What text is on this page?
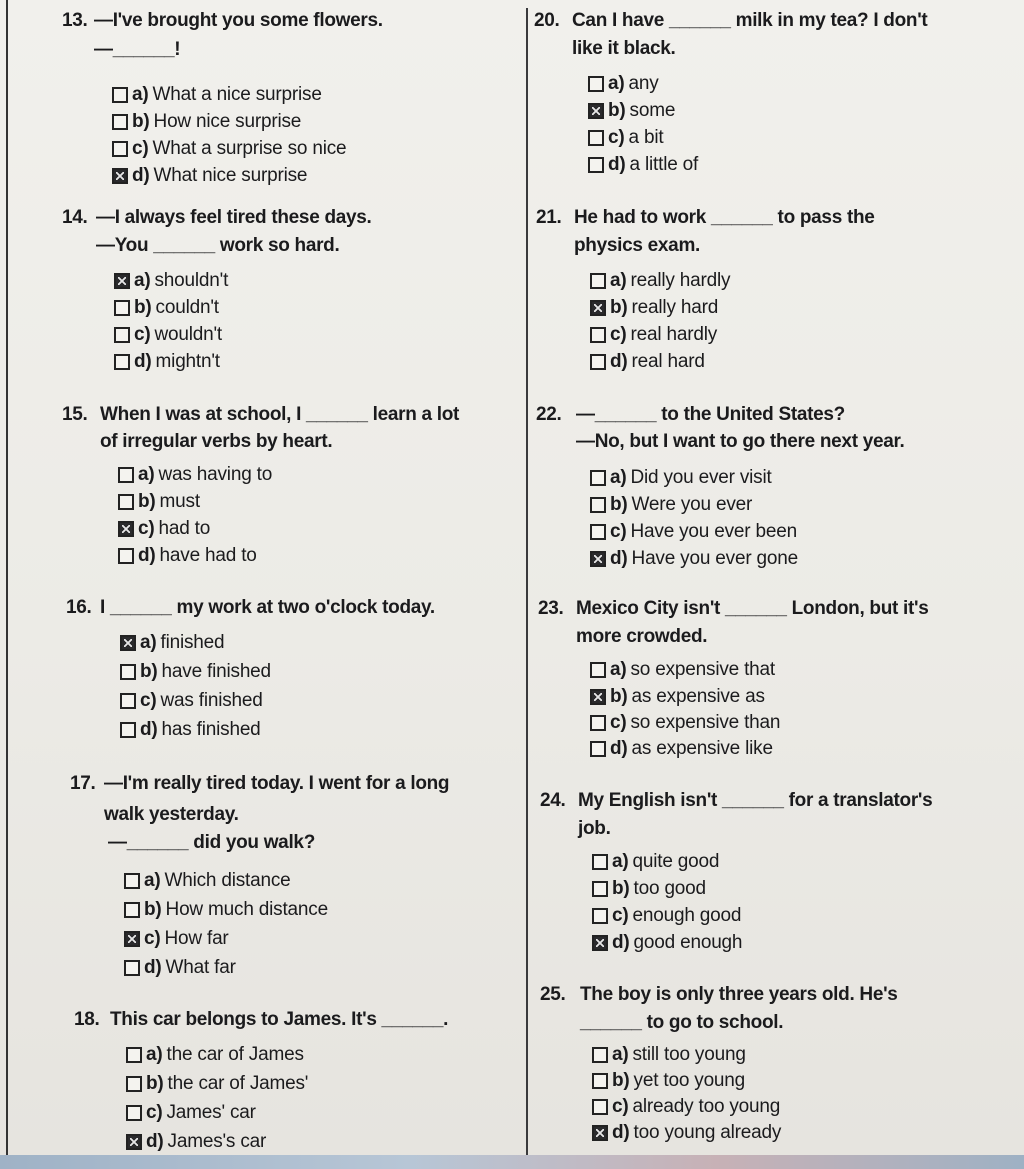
13. —I've brought you some flowers.
—______!
a) What a nice surprise
b) How nice surprise
c) What a surprise so nice
d) What nice surprise
14. —I always feel tired these days.
—You ______ work so hard.
a) shouldn't
b) couldn't
c) wouldn't
d) mightn't
15. When I was at school, I ______ learn a lot
of irregular verbs by heart.
a) was having to
b) must
c) had to
d) have had to
16. I ______ my work at two o'clock today.
a) finished
b) have finished
c) was finished
d) has finished
17. —I'm really tired today. I went for a long
walk yesterday.
—______ did you walk?
a) Which distance
b) How much distance
c) How far
d) What far
18. This car belongs to James. It's ______.
a) the car of James
b) the car of James'
c) James' car
d) James's car
20. Can I have ______ milk in my tea? I don't
like it black.
a) any
b) some
c) a bit
d) a little of
21. He had to work ______ to pass the
physics exam.
a) really hardly
b) really hard
c) real hardly
d) real hard
22. —______ to the United States?
—No, but I want to go there next year.
a) Did you ever visit
b) Were you ever
c) Have you ever been
d) Have you ever gone
23. Mexico City isn't ______ London, but it's
more crowded.
a) so expensive that
b) as expensive as
c) so expensive than
d) as expensive like
24. My English isn't ______ for a translator's
job.
a) quite good
b) too good
c) enough good
d) good enough
25. The boy is only three years old. He's
______ to go to school.
a) still too young
b) yet too young
c) already too young
d) too young already
